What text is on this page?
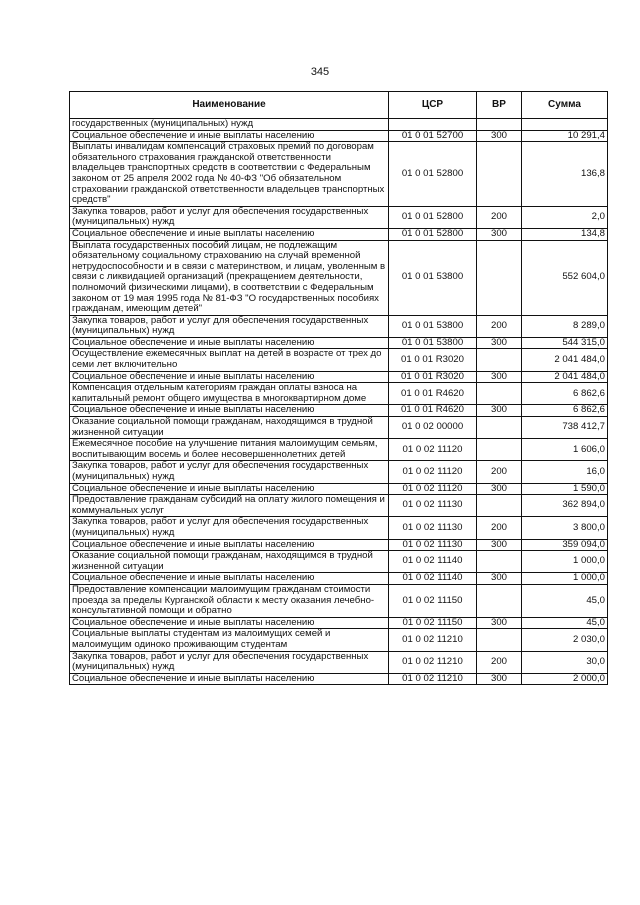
345
Наименование	ЦСР	ВР	Сумма
государственных (муниципальных) нужд			
Социальное обеспечение и иные выплаты населению	01 0 01 52700	300	10 291,4
Выплаты инвалидам компенсаций страховых премий по договорам обязательного страхования гражданской ответственности владельцев транспортных средств в соответствии с Федеральным законом от 25 апреля 2002 года № 40-ФЗ "Об обязательном страховании гражданской ответственности владельцев транспортных средств"	01 0 01 52800		136,8
Закупка товаров, работ и услуг для обеспечения государственных (муниципальных) нужд	01 0 01 52800	200	2,0
Социальное обеспечение и иные выплаты населению	01 0 01 52800	300	134,8
Выплата государственных пособий лицам, не подлежащим обязательному социальному страхованию на случай временной нетрудоспособности и в связи с материнством, и лицам, уволенным в связи с ликвидацией организаций (прекращением деятельности, полномочий физическими лицами), в соответствии с Федеральным законом от 19 мая 1995 года № 81-ФЗ "О государственных пособиях гражданам, имеющим детей"	01 0 01 53800		552 604,0
Закупка товаров, работ и услуг для обеспечения государственных (муниципальных) нужд	01 0 01 53800	200	8 289,0
Социальное обеспечение и иные выплаты населению	01 0 01 53800	300	544 315,0
Осуществление ежемесячных выплат на детей в возрасте от трех до семи лет включительно	01 0 01 R3020		2 041 484,0
Социальное обеспечение и иные выплаты населению	01 0 01 R3020	300	2 041 484,0
Компенсация отдельным категориям граждан оплаты взноса на капитальный ремонт общего имущества в многоквартирном доме	01 0 01 R4620		6 862,6
Социальное обеспечение и иные выплаты населению	01 0 01 R4620	300	6 862,6
Оказание социальной помощи гражданам, находящимся в трудной жизненной ситуации	01 0 02 00000		738 412,7
Ежемесячное пособие на улучшение питания малоимущим семьям, воспитывающим восемь и более несовершеннолетних детей	01 0 02 11120		1 606,0
Закупка товаров, работ и услуг для обеспечения государственных (муниципальных) нужд	01 0 02 11120	200	16,0
Социальное обеспечение и иные выплаты населению	01 0 02 11120	300	1 590,0
Предоставление гражданам субсидий на оплату жилого помещения и коммунальных услуг	01 0 02 11130		362 894,0
Закупка товаров, работ и услуг для обеспечения государственных (муниципальных) нужд	01 0 02 11130	200	3 800,0
Социальное обеспечение и иные выплаты населению	01 0 02 11130	300	359 094,0
Оказание социальной помощи гражданам, находящимся в трудной жизненной ситуации	01 0 02 11140		1 000,0
Социальное обеспечение и иные выплаты населению	01 0 02 11140	300	1 000,0
Предоставление компенсации малоимущим гражданам стоимости проезда за пределы Курганской области к месту оказания лечебно-консультативной помощи и обратно	01 0 02 11150		45,0
Социальное обеспечение и иные выплаты населению	01 0 02 11150	300	45,0
Социальные выплаты студентам из малоимущих семей и малоимущим одиноко проживающим студентам	01 0 02 11210		2 030,0
Закупка товаров, работ и услуг для обеспечения государственных (муниципальных) нужд	01 0 02 11210	200	30,0
Социальное обеспечение и иные выплаты населению	01 0 02 11210	300	2 000,0
